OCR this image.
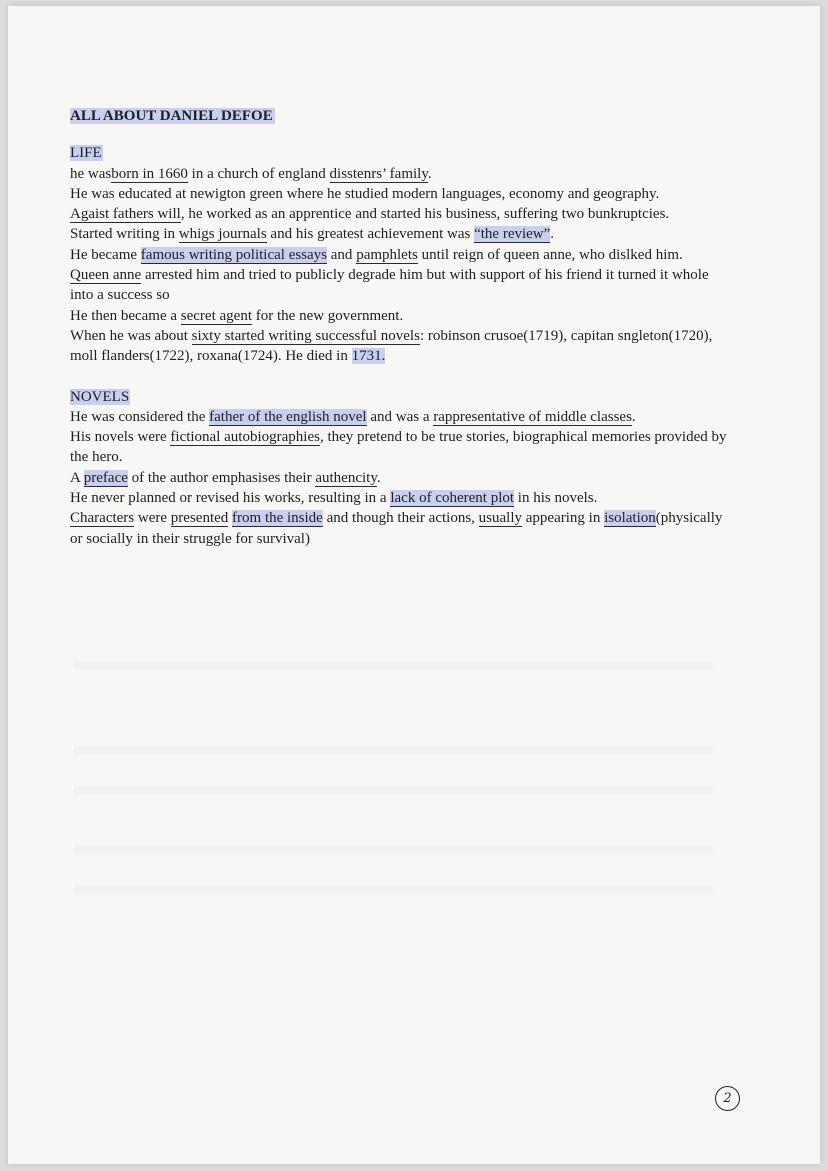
ALL ABOUT DANIEL DEFOE

LIFE

he wasborn in 1660 in a church of england disstenrs’ family.

He was educated at newigton green where he studied modern languages, economy and geography.

Agaist fathers will, he worked as an apprentice and started his business, suffering two bunkruptcies.

Started writing in whigs journals and his greatest achievement was “the review”.

He became famous writing political essays and pamphlets until reign of queen anne, who dislked him.

Queen anne arrested him and tried to publicly degrade him but with support of his friend it turned it whole into a success so

He then became a secret agent for the new government.

When he was about sixty started writing successful novels: robinson crusoe(1719), capitan sngleton(1720), moll flanders(1722), roxana(1724). He died in 1731.

NOVELS

He was considered the father of the english novel and was a rappresentative of middle classes.

His novels were fictional autobiographies, they pretend to be true stories, biographical memories provided by the hero.

A preface of the author emphasises their authencity.

He never planned or revised his works, resulting in a lack of coherent plot in his novels.

Characters were presented from the inside and though their actions, usually appearing in isolation(physically or socially in their struggle for survival)

2
